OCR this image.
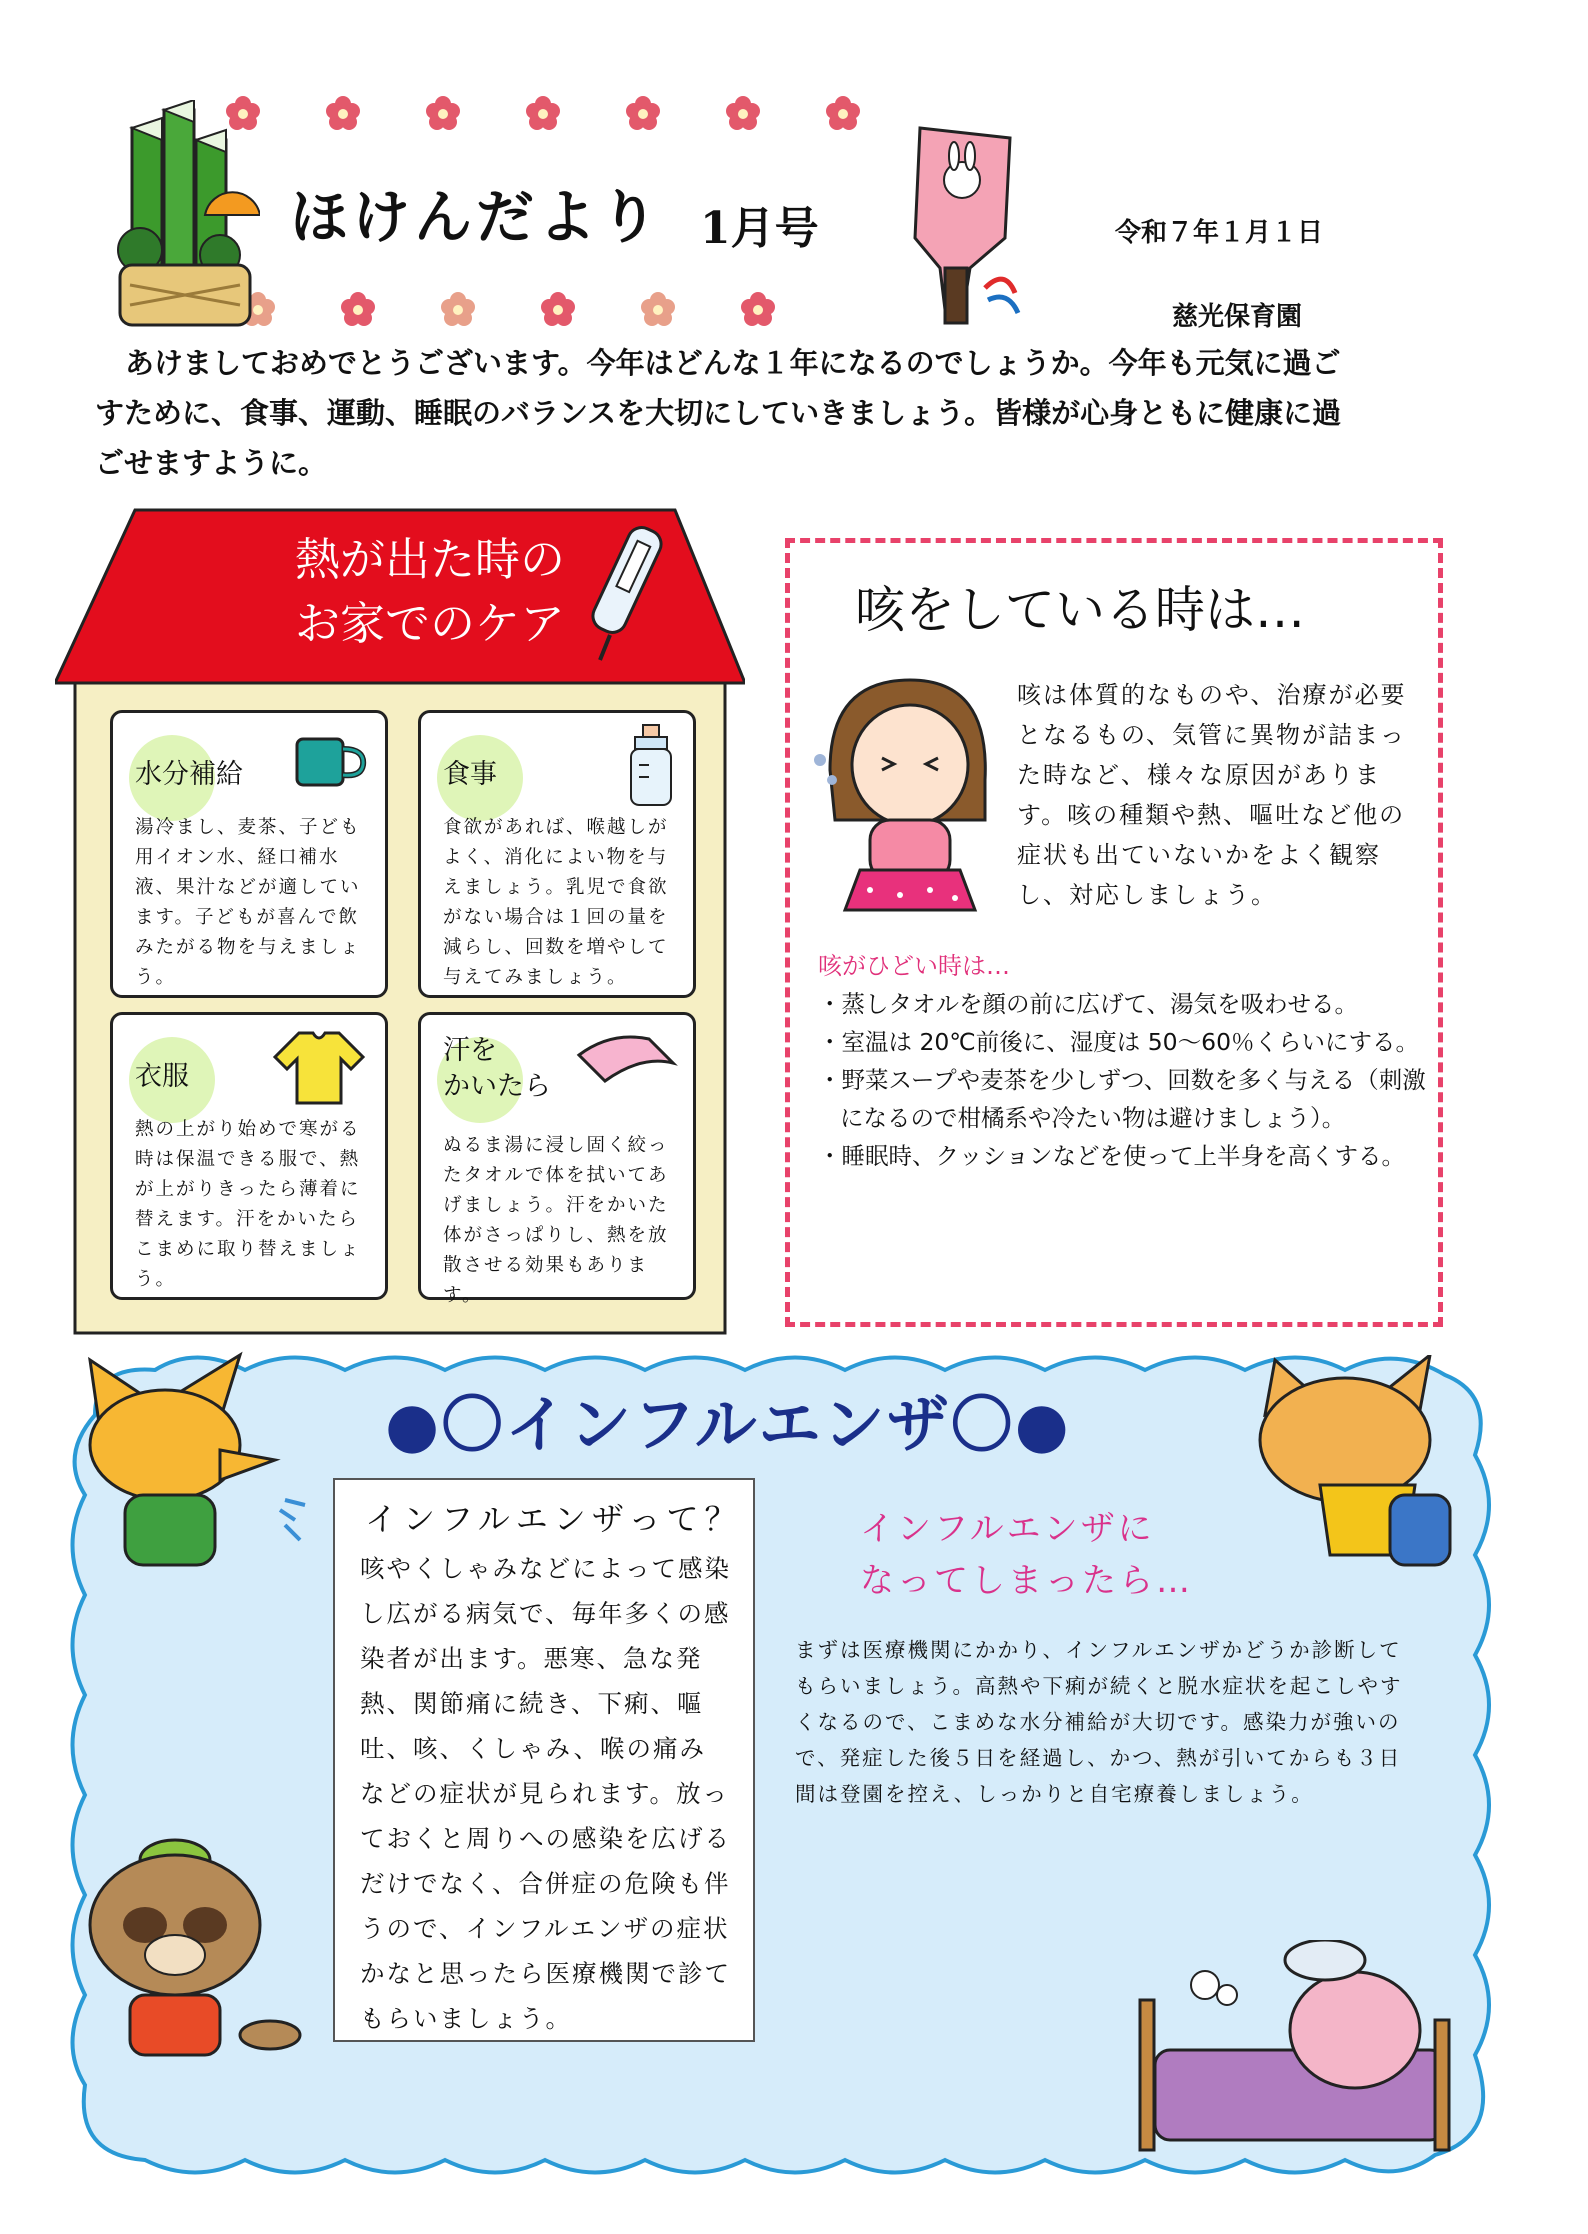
ほけんだより 1月号	令和７年１月１日
慈光保育園
あけましておめでとうございます。今年はどんな１年になるのでしょうか。今年も元気に過ごすために、食事、運動、睡眠のバランスを大切にしていきましょう。皆様が心身ともに健康に過ごせますように。
熱が出た時の
お家でのケア
水分補給
湯冷まし、麦茶、子ども用イオン水、経口補水液、果汁などが適しています。子どもが喜んで飲みたがる物を与えましょう。
食事
食欲があれば、喉越しがよく、消化によい物を与えましょう。乳児で食欲がない場合は１回の量を減らし、回数を増やして与えてみましょう。
衣服
熱の上がり始めで寒がる時は保温できる服で、熱が上がりきったら薄着に替えます。汗をかいたらこまめに取り替えましょう。
汗を
かいたら
ぬるま湯に浸し固く絞ったタオルで体を拭いてあげましょう。汗をかいた体がさっぱりし、熱を放散させる効果もあります。
咳をしている時は…
咳は体質的なものや、治療が必要となるもの、気管に異物が詰まった時など、様々な原因があります。咳の種類や熱、嘔吐など他の症状も出ていないかをよく観察し、対応しましょう。
咳がひどい時は…
・蒸しタオルを顔の前に広げて、湯気を吸わせる。
・室温は 20℃前後に、湿度は 50～60％くらいにする。
・野菜スープや麦茶を少しずつ、回数を多く与える（刺激になるので柑橘系や冷たい物は避けましょう）。
・睡眠時、クッションなどを使って上半身を高くする。
●〇インフルエンザ〇●
インフルエンザって？
咳やくしゃみなどによって感染し広がる病気で、毎年多くの感染者が出ます。悪寒、急な発熱、関節痛に続き、下痢、嘔吐、咳、くしゃみ、喉の痛みなどの症状が見られます。放っておくと周りへの感染を広げるだけでなく、合併症の危険も伴うので、インフルエンザの症状かなと思ったら医療機関で診てもらいましょう。
インフルエンザに
なってしまったら…
まずは医療機関にかかり、インフルエンザかどうか診断してもらいましょう。高熱や下痢が続くと脱水症状を起こしやすくなるので、こまめな水分補給が大切です。感染力が強いので、発症した後５日を経過し、かつ、熱が引いてからも３日間は登園を控え、しっかりと自宅療養しましょう。
